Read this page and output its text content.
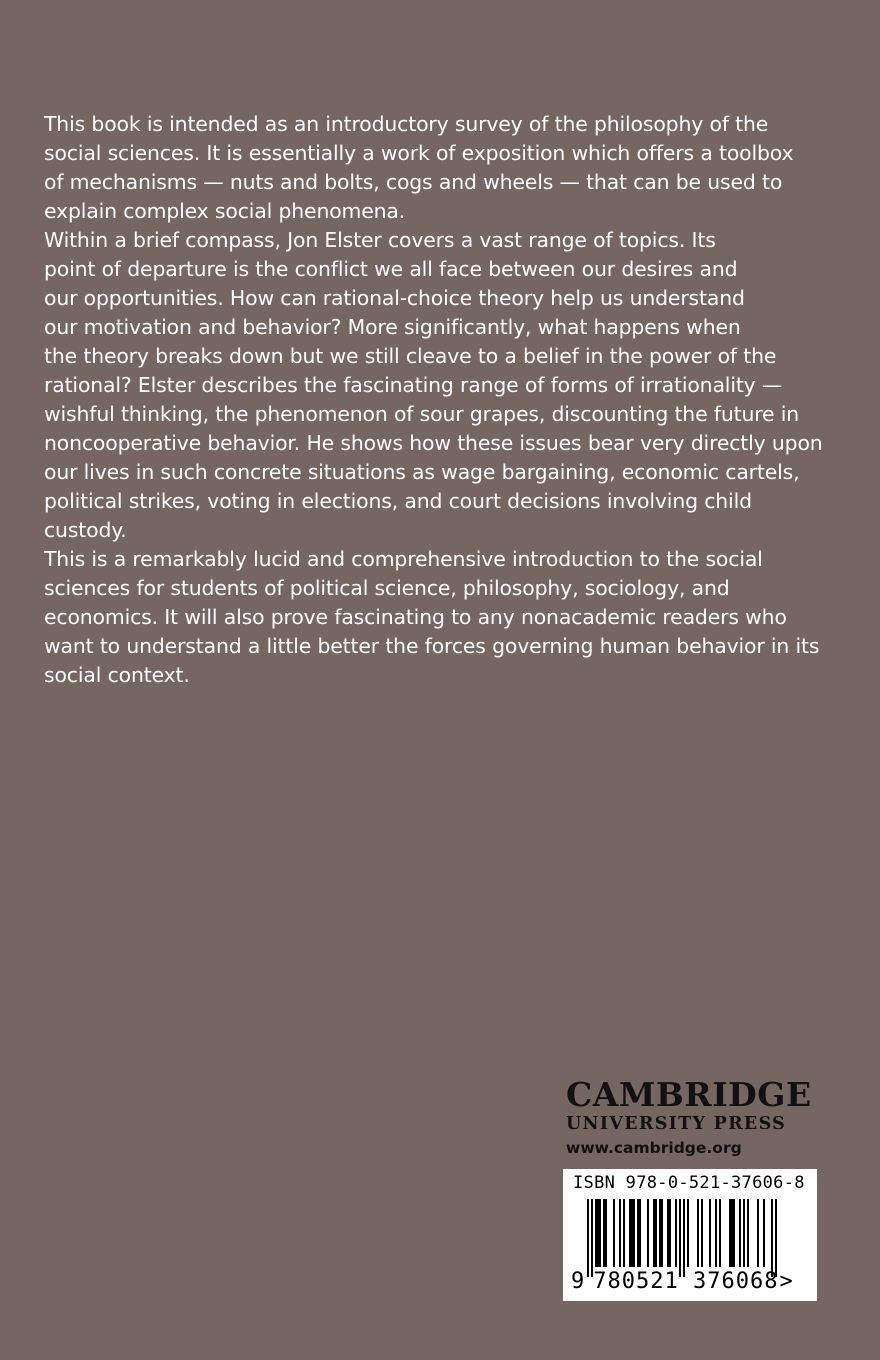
This book is intended as an introductory survey of the philosophy of the
social sciences. It is essentially a work of exposition which offers a toolbox
of mechanisms — nuts and bolts, cogs and wheels — that can be used to
explain complex social phenomena.

Within a brief compass, Jon Elster covers a vast range of topics. Its
point of departure is the conflict we all face between our desires and
our opportunities. How can rational-choice theory help us understand
our motivation and behavior? More significantly, what happens when
the theory breaks down but we still cleave to a belief in the power of the
rational? Elster describes the fascinating range of forms of irrationality —
wishful thinking, the phenomenon of sour grapes, discounting the future in
noncooperative behavior. He shows how these issues bear very directly upon
our lives in such concrete situations as wage bargaining, economic cartels,
political strikes, voting in elections, and court decisions involving child
custody.

This is a remarkably lucid and comprehensive introduction to the social
sciences for students of political science, philosophy, sociology, and
economics. It will also prove fascinating to any nonacademic readers who
want to understand a little better the forces governing human behavior in its
social context.

CAMBRIDGE
UNIVERSITY PRESS
www.cambridge.org
ISBN 978-0-521-37606-8
9 780521 376068>
